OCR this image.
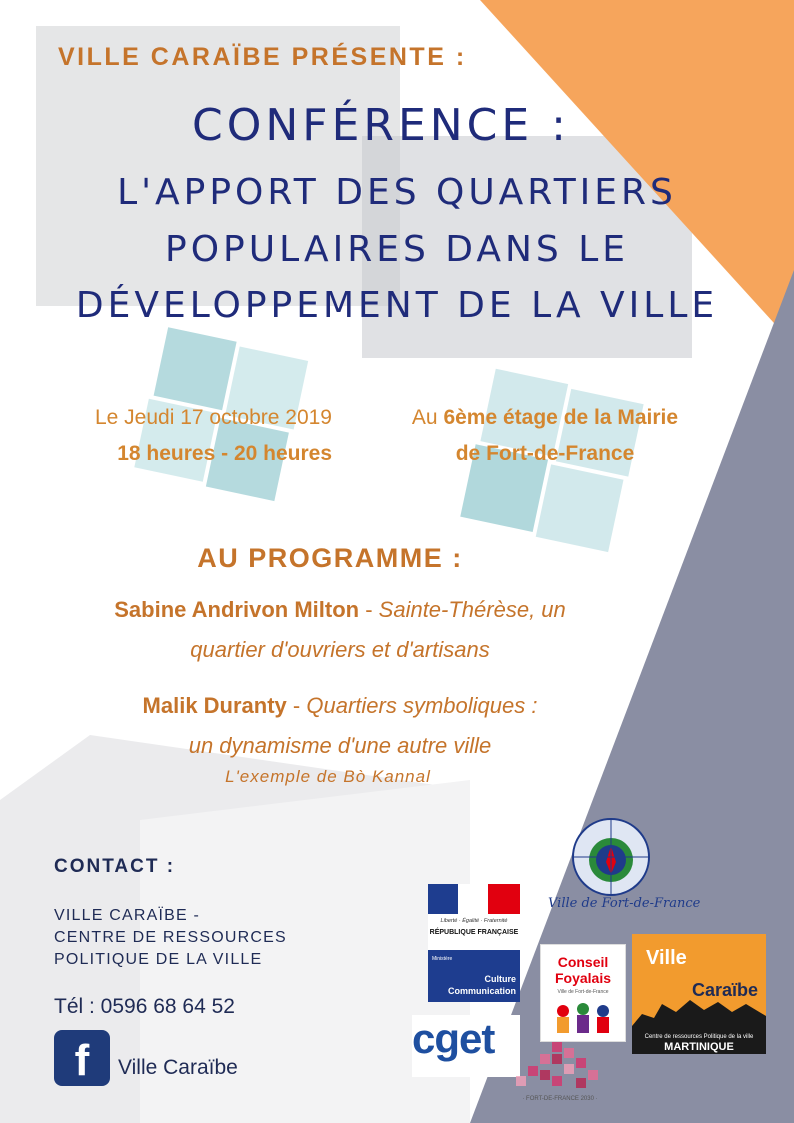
VILLE CARAÏBE PRÉSENTE :
CONFÉRENCE :
L'APPORT DES QUARTIERS
POPULAIRES DANS LE
DÉVELOPPEMENT DE LA VILLE
Le Jeudi 17 octobre 2019
18 heures - 20 heures
Au 6ème étage de la Mairie
de Fort-de-France
AU PROGRAMME :
Sabine Andrivon Milton - Sainte-Thérèse, un
quartier d'ouvriers et d'artisans
Malik Duranty - Quartiers symboliques :
un dynamisme d'une autre ville
L'exemple de Bò Kannal
CONTACT :
VILLE CARAÏBE -
CENTRE DE RESSOURCES
POLITIQUE DE LA VILLE
Tél : 0596 68 64 52
f	Ville Caraïbe
Liberté · Égalité · Fraternité
RÉPUBLIQUE FRANÇAISE
Ministère
Culture
Communication
cget
Ville de Fort-de-France
Conseil
Foyalais
Ville de Fort-de-France
Ville
Caraïbe
Centre de ressources Politique de la ville
MARTINIQUE
· FORT-DE-FRANCE 2030 ·
